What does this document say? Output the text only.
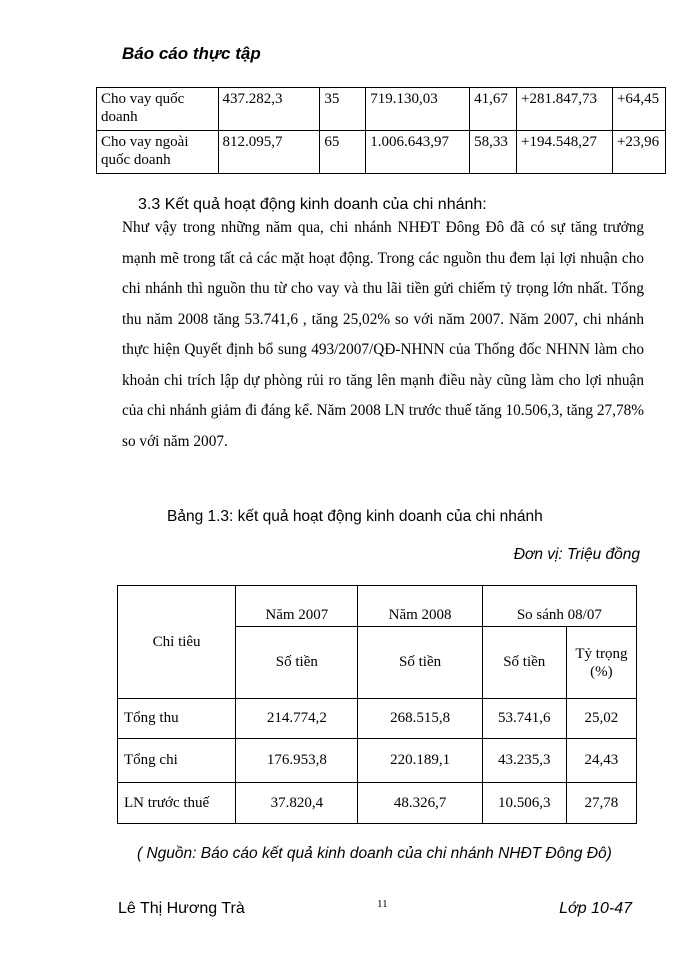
Báo cáo thực tập
Cho vay quốc doanh	437.282,3	35	719.130,03	41,67	+281.847,73	+64,45
Cho vay ngoài quốc doanh	812.095,7	65	1.006.643,97	58,33	+194.548,27	+23,96
3.3 Kết quả hoạt động kinh doanh của chi nhánh:
Như vậy trong những năm qua, chi nhánh NHĐT Đông Đô đã có sự tăng trưởng mạnh mẽ trong tất cả các mặt hoạt động. Trong các nguồn thu đem lại lợi nhuận cho chi nhánh thì nguồn thu từ cho vay và thu lãi tiền gửi chiếm tỷ trọng lớn nhất. Tổng thu năm 2008 tăng 53.741,6 , tăng 25,02% so với năm 2007. Năm 2007, chi nhánh thực hiện Quyết định bổ sung 493/2007/QĐ-NHNN của Thống đốc NHNN làm cho khoản chi trích lập dự phòng rủi ro tăng lên mạnh điều này cũng làm cho lợi nhuận của chi nhánh giảm đi đáng kể. Năm 2008 LN trước thuế tăng 10.506,3, tăng 27,78% so với năm 2007.
Bảng 1.3: kết quả hoạt động kinh doanh của chi nhánh
Đơn vị: Triệu đồng
Chỉ tiêu	Năm 2007	Năm 2008	So sánh 08/07	
	Số tiền	Số tiền	Số tiền	Tỷ trọng (%)
Tổng thu	214.774,2	268.515,8	53.741,6	25,02
Tổng chi	176.953,8	220.189,1	43.235,3	24,43
LN trước thuế	37.820,4	48.326,7	10.506,3	27,78
( Nguồn: Báo cáo kết quả kinh doanh của chi nhánh NHĐT Đông Đô)
Lê Thị Hương Trà	11	Lớp 10-47
